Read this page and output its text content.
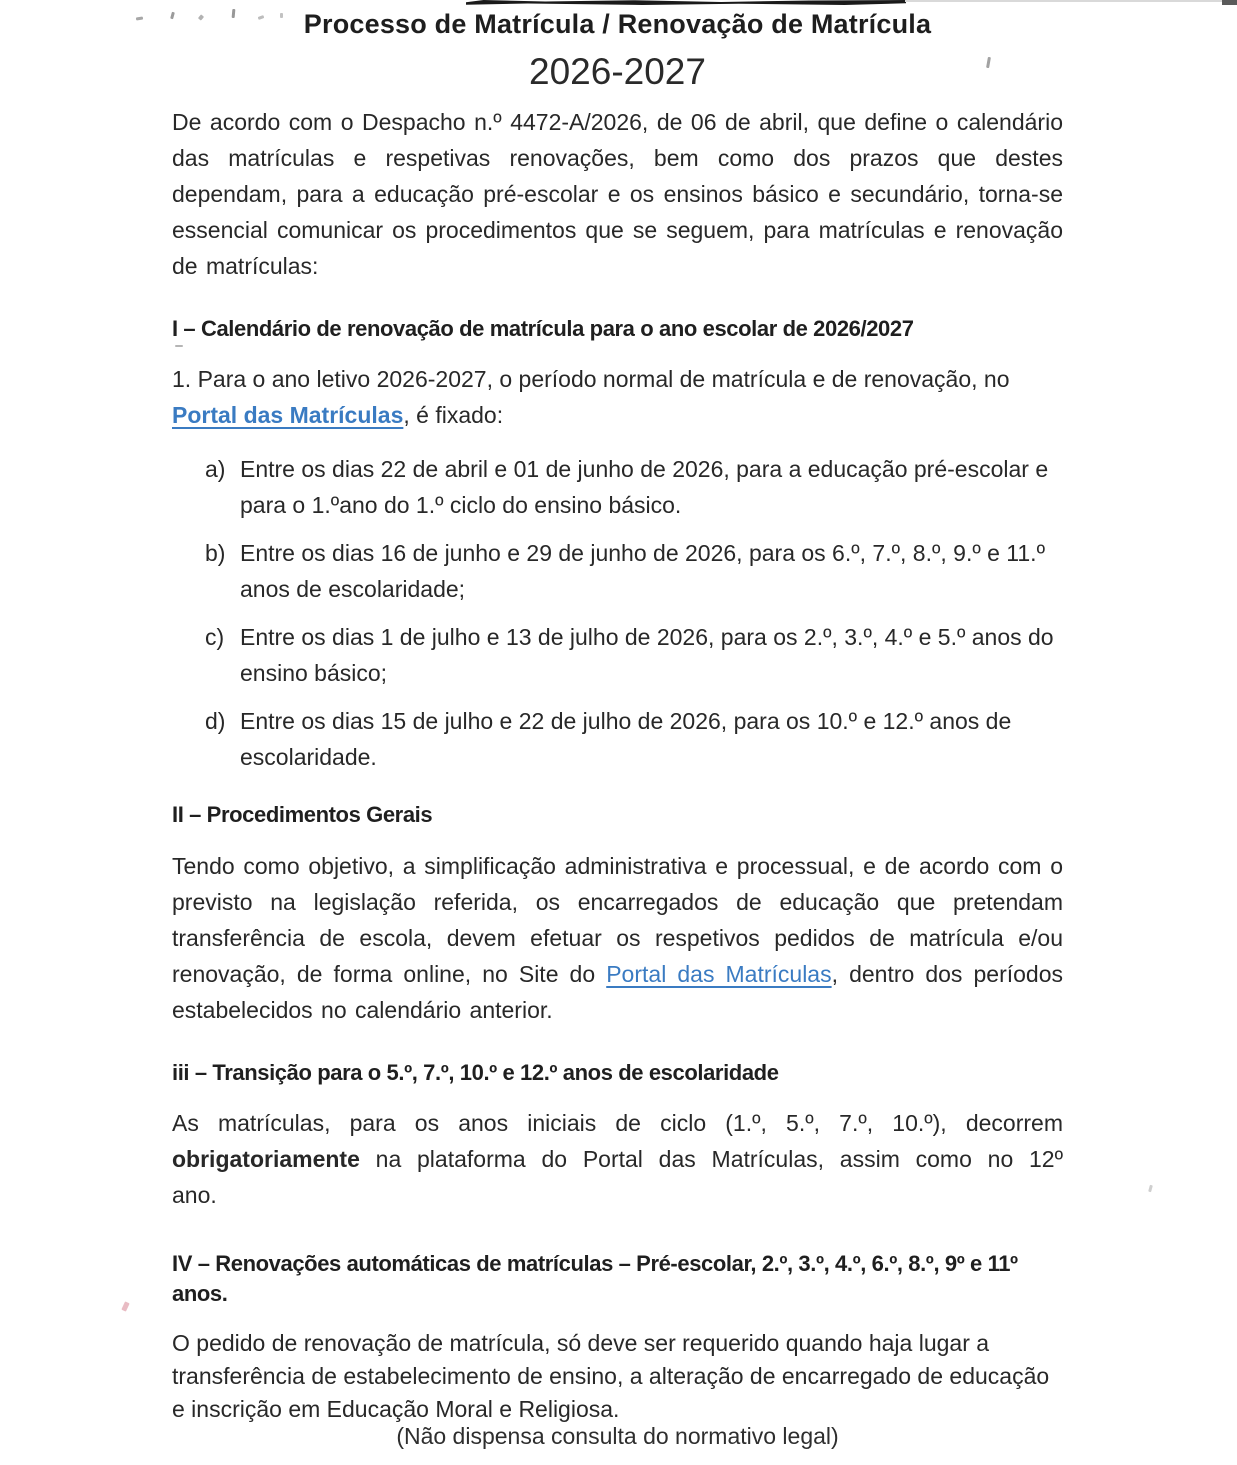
Processo de Matrícula / Renovação de Matrícula
2026-2027

De acordo com o Despacho n.º 4472-A/2026, de 06 de abril, que define o calendário das matrículas e respetivas renovações, bem como dos prazos que destes dependam, para a educação pré-escolar e os ensinos básico e secundário, torna-se essencial comunicar os procedimentos que se seguem, para matrículas e renovação de matrículas:

I – Calendário de renovação de matrícula para o ano escolar de 2026/2027

1. Para o ano letivo 2026-2027, o período normal de matrícula e de renovação, no Portal das Matrículas, é fixado:

a) Entre os dias 22 de abril e 01 de junho de 2026, para a educação pré-escolar e para o 1.ºano do 1.º ciclo do ensino básico.
b) Entre os dias 16 de junho e 29 de junho de 2026, para os 6.º, 7.º, 8.º, 9.º e 11.º anos de escolaridade;
c) Entre os dias 1 de julho e 13 de julho de 2026, para os 2.º, 3.º, 4.º e 5.º anos do ensino básico;
d) Entre os dias 15 de julho e 22 de julho de 2026, para os 10.º e 12.º anos de escolaridade.
II – Procedimentos Gerais

Tendo como objetivo, a simplificação administrativa e processual, e de acordo com o previsto na legislação referida, os encarregados de educação que pretendam transferência de escola, devem efetuar os respetivos pedidos de matrícula e/ou renovação, de forma online, no Site do Portal das Matrículas, dentro dos períodos estabelecidos no calendário anterior.

iii – Transição para o 5.º, 7.º, 10.º e 12.º anos de escolaridade

As matrículas, para os anos iniciais de ciclo (1.º, 5.º, 7.º, 10.º), decorrem obrigatoriamente na plataforma do Portal das Matrículas, assim como no 12º ano.

IV – Renovações automáticas de matrículas – Pré-escolar, 2.º, 3.º, 4.º, 6.º, 8.º, 9º e 11º anos.

O pedido de renovação de matrícula, só deve ser requerido quando haja lugar a transferência de estabelecimento de ensino, a alteração de encarregado de educação e inscrição em Educação Moral e Religiosa.

(Não dispensa consulta do normativo legal)
